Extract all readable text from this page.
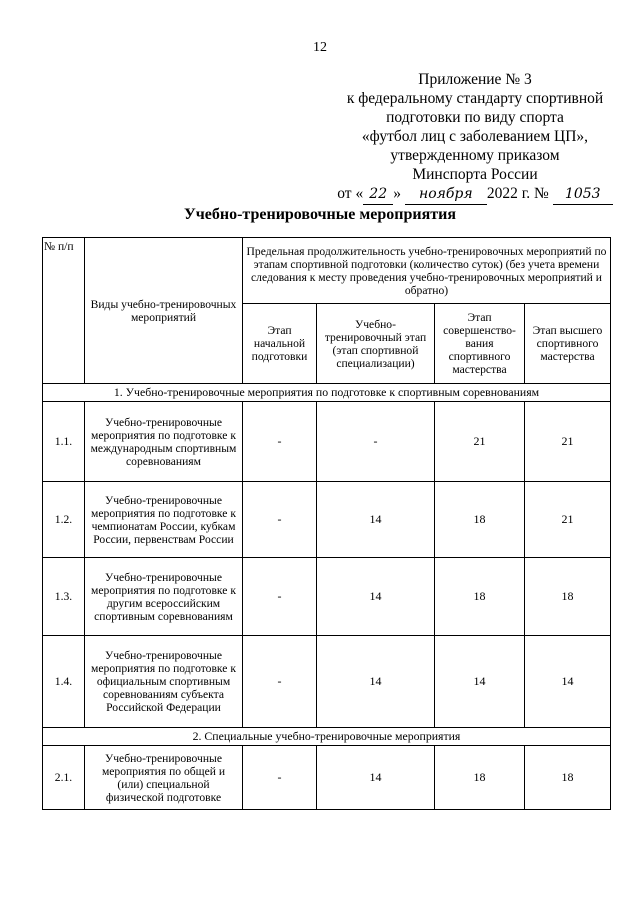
12
Приложение № 3
к федеральному стандарту спортивной
подготовки по виду спорта
«футбол лиц с заболеванием ЦП»,
утвержденному приказом
Минспорта России
от « 22 » ноября 2022 г. № 1053
Учебно-тренировочные мероприятия
№ п/п	Виды учебно-тренировочных мероприятий	Предельная продолжительность учебно-тренировочных мероприятий по этапам спортивной подготовки (количество суток) (без учета времени следования к месту проведения учебно-тренировочных мероприятий и обратно)			
		Этап начальной подготовки	Учебно-тренировочный этап (этап спортивной специализации)	Этап совершенство-вания спортивного мастерства	Этап высшего спортивного мастерства
1. Учебно-тренировочные мероприятия по подготовке к спортивным соревнованиям					
1.1.	Учебно-тренировочные мероприятия по подготовке к международным спортивным соревнованиям	-	-	21	21
1.2.	Учебно-тренировочные мероприятия по подготовке к чемпионатам России, кубкам России, первенствам России	-	14	18	21
1.3.	Учебно-тренировочные мероприятия по подготовке к другим всероссийским спортивным соревнованиям	-	14	18	18
1.4.	Учебно-тренировочные мероприятия по подготовке к официальным спортивным соревнованиям субъекта Российской Федерации	-	14	14	14
2. Специальные учебно-тренировочные мероприятия					
2.1.	Учебно-тренировочные мероприятия по общей и (или) специальной физической подготовке	-	14	18	18
